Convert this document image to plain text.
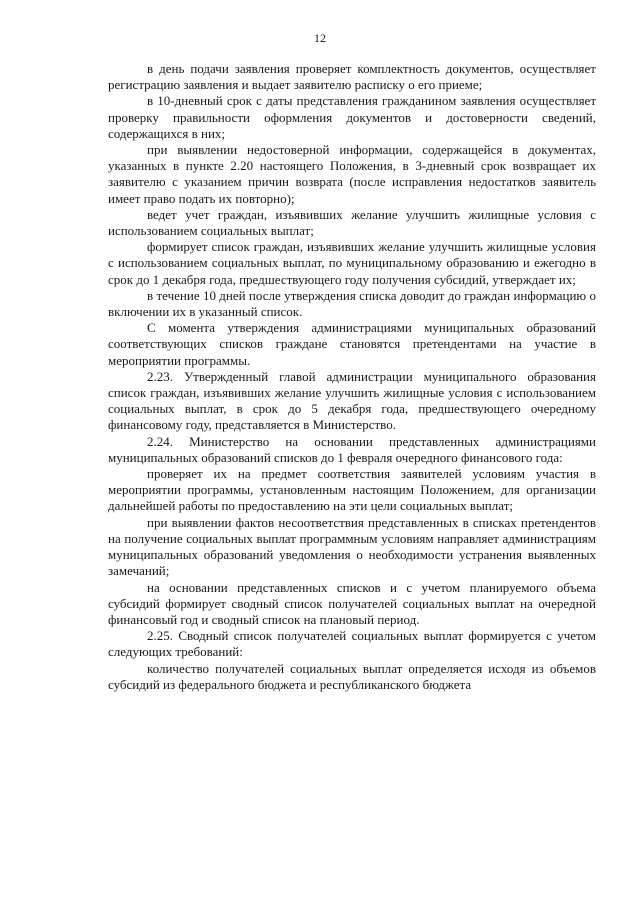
12

в день подачи заявления проверяет комплектность документов, осуществляет регистрацию заявления и выдает заявителю расписку о его приеме;

в 10-дневный срок с даты представления гражданином заявления осуществляет проверку правильности оформления документов и достоверности сведений, содержащихся в них;

при выявлении недостоверной информации, содержащейся в документах, указанных в пункте 2.20 настоящего Положения, в 3-дневный срок возвращает их заявителю с указанием причин возврата (после исправления недостатков заявитель имеет право подать их повторно);

ведет учет граждан, изъявивших желание улучшить жилищные условия с использованием социальных выплат;

формирует список граждан, изъявивших желание улучшить жилищные условия с использованием социальных выплат, по муниципальному образованию и ежегодно в срок до 1 декабря года, предшествующего году получения субсидий, утверждает их;

в течение 10 дней после утверждения списка доводит до граждан информацию о включении их в указанный список.

С момента утверждения администрациями муниципальных образований соответствующих списков граждане становятся претендентами на участие в мероприятии программы.

2.23. Утвержденный главой администрации муниципального образования список граждан, изъявивших желание улучшить жилищные условия с использованием социальных выплат, в срок до 5 декабря года, предшествующего очередному финансовому году, представляется в Министерство.

2.24. Министерство на основании представленных администрациями муниципальных образований списков до 1 февраля очередного финансового года:

проверяет их на предмет соответствия заявителей условиям участия в мероприятии программы, установленным настоящим Положением, для организации дальнейшей работы по предоставлению на эти цели социальных выплат;

при выявлении фактов несоответствия представленных в списках претендентов на получение социальных выплат программным условиям направляет администрациям муниципальных образований уведомления о необходимости устранения выявленных замечаний;

на основании представленных списков и с учетом планируемого объема субсидий формирует сводный список получателей социальных выплат на очередной финансовый год и сводный список на плановый период.

2.25. Сводный список получателей социальных выплат формируется с учетом следующих требований:

количество получателей социальных выплат определяется исходя из объемов субсидий из федерального бюджета и республиканского бюджета
